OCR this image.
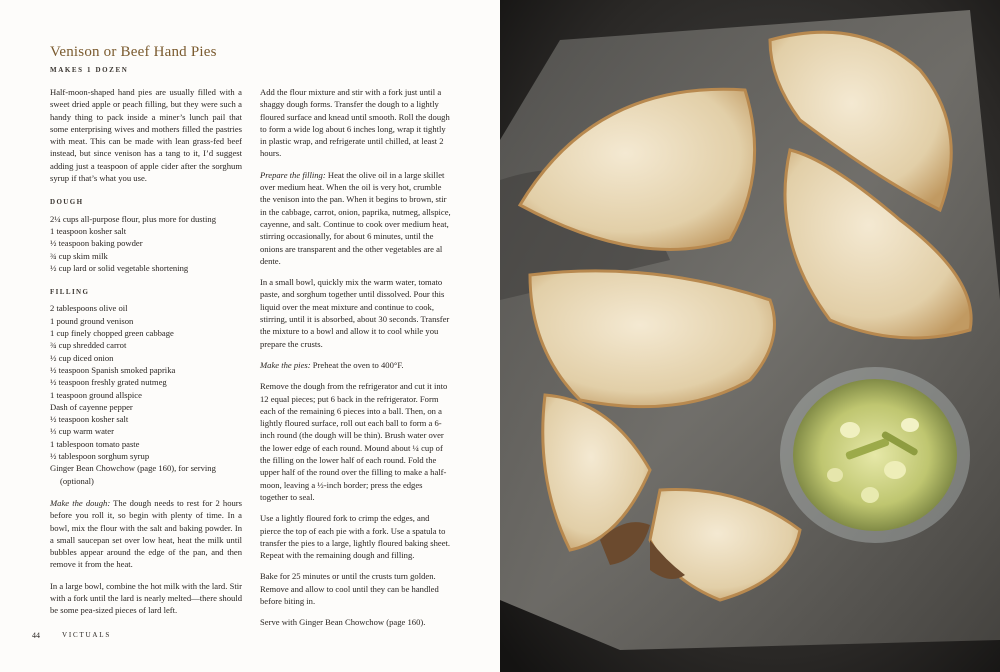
Venison or Beef Hand Pies
MAKES 1 DOZEN

Half-moon-shaped hand pies are usually filled with a sweet dried apple or peach filling, but they were such a handy thing to pack inside a miner’s lunch pail that some enterprising wives and mothers filled the pastries with meat. This can be made with lean grass-fed beef instead, but since venison has a tang to it, I’d suggest adding just a teaspoon of apple cider after the sorghum syrup if that’s what you use.

DOUGH
2¼ cups all-purpose flour, plus more for dusting
1 teaspoon kosher salt
½ teaspoon baking powder
¾ cup skim milk
½ cup lard or solid vegetable shortening
FILLING
2 tablespoons olive oil
1 pound ground venison
1 cup finely chopped green cabbage
¾ cup shredded carrot
½ cup diced onion
½ teaspoon Spanish smoked paprika
½ teaspoon freshly grated nutmeg
1 teaspoon ground allspice
Dash of cayenne pepper
½ teaspoon kosher salt
⅓ cup warm water
1 tablespoon tomato paste
½ tablespoon sorghum syrup
Ginger Bean Chowchow (page 160), for serving (optional)

Make the dough: The dough needs to rest for 2 hours before you roll it, so begin with plenty of time. In a bowl, mix the flour with the salt and baking powder. In a small saucepan set over low heat, heat the milk until bubbles appear around the edge of the pan, and then remove it from the heat.

In a large bowl, combine the hot milk with the lard. Stir with a fork until the lard is nearly melted—there should be some pea-sized pieces of lard left.

Add the flour mixture and stir with a fork just until a shaggy dough forms. Transfer the dough to a lightly floured surface and knead until smooth. Roll the dough to form a wide log about 6 inches long, wrap it tightly in plastic wrap, and refrigerate until chilled, at least 2 hours.

Prepare the filling: Heat the olive oil in a large skillet over medium heat. When the oil is very hot, crumble the venison into the pan. When it begins to brown, stir in the cabbage, carrot, onion, paprika, nutmeg, allspice, cayenne, and salt. Continue to cook over medium heat, stirring occasionally, for about 6 minutes, until the onions are transparent and the other vegetables are al dente.

In a small bowl, quickly mix the warm water, tomato paste, and sorghum together until dissolved. Pour this liquid over the meat mixture and continue to cook, stirring, until it is absorbed, about 30 seconds. Transfer the mixture to a bowl and allow it to cool while you prepare the crusts.

Make the pies: Preheat the oven to 400°F.

Remove the dough from the refrigerator and cut it into 12 equal pieces; put 6 back in the refrigerator. Form each of the remaining 6 pieces into a ball. Then, on a lightly floured surface, roll out each ball to form a 6-inch round (the dough will be thin). Brush water over the lower edge of each round. Mound about ¼ cup of the filling on the lower half of each round. Fold the upper half of the round over the filling to make a half-moon, leaving a ½-inch border; press the edges together to seal.

Use a lightly floured fork to crimp the edges, and pierce the top of each pie with a fork. Use a spatula to transfer the pies to a large, lightly floured baking sheet. Repeat with the remaining dough and filling.

Bake for 25 minutes or until the crusts turn golden. Remove and allow to cool until they can be handled before biting in.

Serve with Ginger Bean Chowchow (page 160).

44	VICTUALS
